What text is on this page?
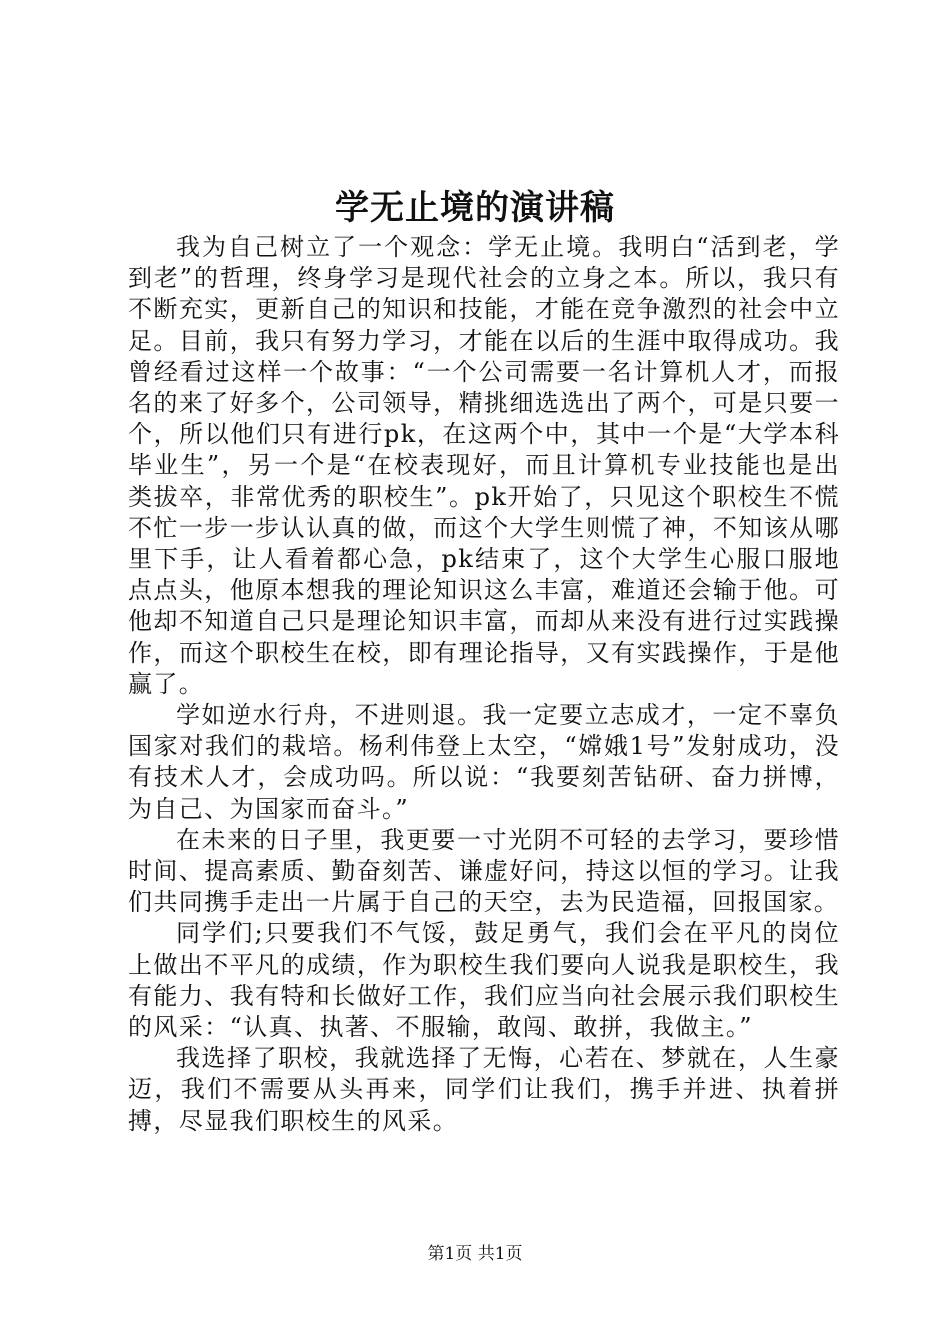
学无止境的演讲稿

我为自己树立了一个观念：学无止境。我明白“活到老，学到老”的哲理，终身学习是现代社会的立身之本。所以，我只有不断充实，更新自己的知识和技能，才能在竞争激烈的社会中立足。目前，我只有努力学习，才能在以后的生涯中取得成功。我曾经看过这样一个故事：“一个公司需要一名计算机人才，而报名的来了好多个，公司领导，精挑细选选出了两个，可是只要一个，所以他们只有进行pk，在这两个中，其中一个是“大学本科毕业生”，另一个是“在校表现好，而且计算机专业技能也是出类拔卒，非常优秀的职校生”。pk开始了，只见这个职校生不慌不忙一步一步认认真的做，而这个大学生则慌了神，不知该从哪里下手，让人看着都心急，pk结束了，这个大学生心服口服地点点头，他原本想我的理论知识这么丰富，难道还会输于他。可他却不知道自己只是理论知识丰富，而却从来没有进行过实践操作，而这个职校生在校，即有理论指导，又有实践操作，于是他赢了。

学如逆水行舟，不进则退。我一定要立志成才，一定不辜负国家对我们的栽培。杨利伟登上太空，“嫦娥1号”发射成功，没有技术人才，会成功吗。所以说：“我要刻苦钻研、奋力拼博，为自己、为国家而奋斗。”

在未来的日子里，我更要一寸光阴不可轻的去学习，要珍惜时间、提高素质、勤奋刻苦、谦虚好问，持这以恒的学习。让我们共同携手走出一片属于自己的天空，去为民造福，回报国家。

同学们;只要我们不气馁，鼓足勇气，我们会在平凡的岗位上做出不平凡的成绩，作为职校生我们要向人说我是职校生，我有能力、我有特和长做好工作，我们应当向社会展示我们职校生的风采：“认真、执著、不服输，敢闯、敢拼，我做主。”

我选择了职校，我就选择了无悔，心若在、梦就在，人生豪迈，我们不需要从头再来，同学们让我们，携手并进、执着拼搏，尽显我们职校生的风采。

第1页 共1页
